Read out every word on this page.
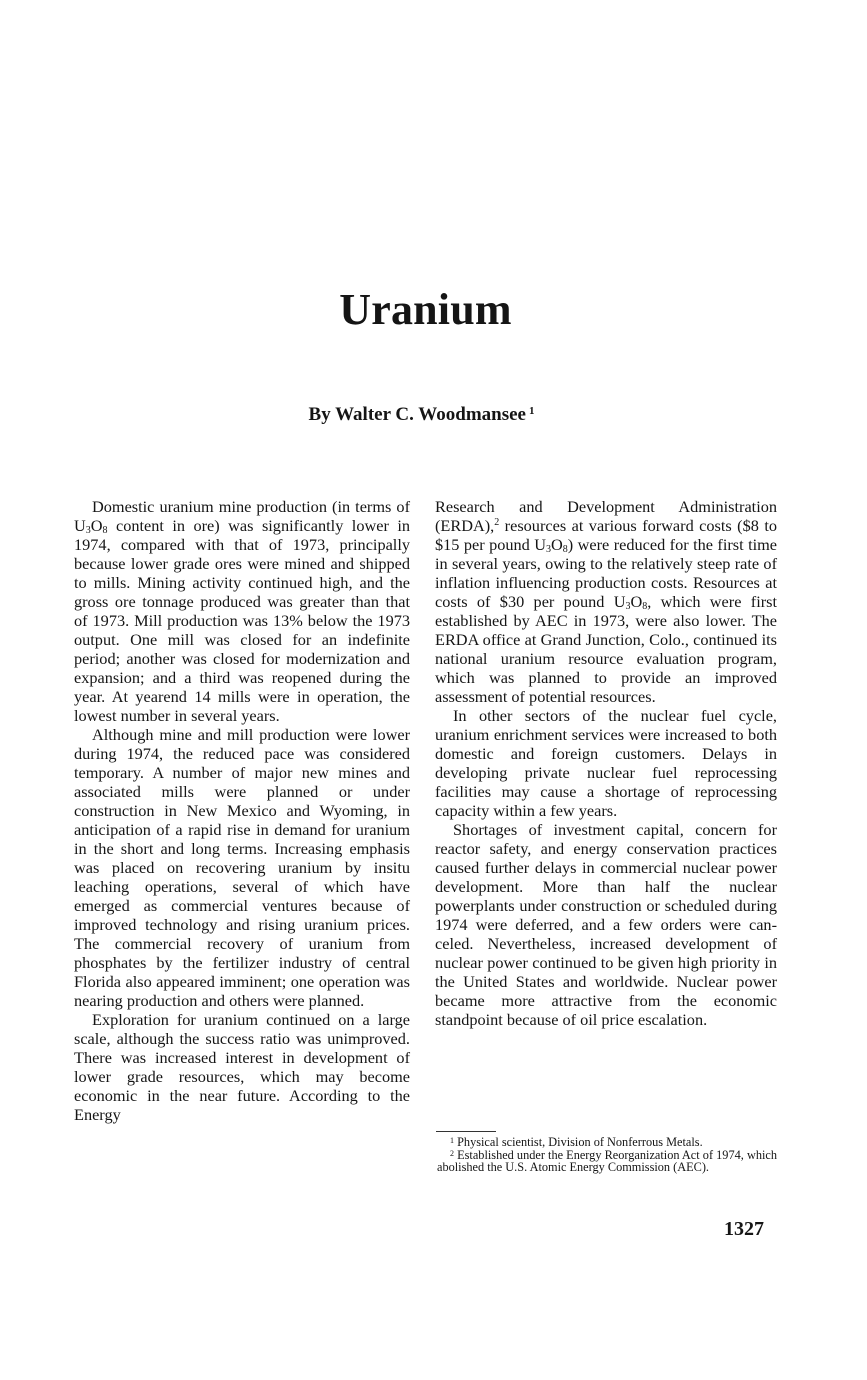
Uranium
By Walter C. Woodmansee $^1$

Domestic uranium mine production (in terms of $U_3O_8$ content in ore) was significantly lower in 1974, compared with that of 1973, principally because lower grade ores were mined and shipped to mills. Mining activity continued high, and the gross ore tonnage produced was greater than that of 1973. Mill production was 13% below the 1973 output. One mill was closed for an indefinite period; another was closed for modernization and expansion; and a third was reopened during the year. At yearend 14 mills were in operation, the lowest number in several years.

Although mine and mill production were lower during 1974, the reduced pace was considered temporary. A number of major new mines and associated mills were planned or under construction in New Mexico and Wyoming, in anticipation of a rapid rise in demand for uranium in the short and long terms. Increasing emphasis was placed on recovering uranium by insitu leaching operations, several of which have emerged as commercial ventures because of improved technology and rising uranium prices. The commercial recovery of uranium from phosphates by the fertilizer industry of central Florida also appeared imminent; one operation was nearing production and others were planned.

Exploration for uranium continued on a large scale, although the success ratio was unimproved. There was increased interest in development of lower grade resources, which may become economic in the near future. According to the Energy

Research and Development Administration (ERDA),$^2$ resources at various forward costs ($8 to $15 per pound $U_3O_8$) were reduced for the first time in several years, owing to the relatively steep rate of inflation influencing production costs. Resources at costs of $30 per pound $U_3O_8$, which were first established by AEC in 1973, were also lower. The ERDA office at Grand Junction, Colo., continued its national uranium resource evaluation program, which was planned to provide an improved assessment of potential resources.

In other sectors of the nuclear fuel cycle, uranium enrichment services were increased to both domestic and foreign customers. Delays in developing private nuclear fuel reprocessing facilities may cause a shortage of reprocessing capacity within a few years.

Shortages of investment capital, concern for reactor safety, and energy conservation practices caused further delays in commercial nuclear power development. More than half the nuclear powerplants under construction or scheduled during 1974 were deferred, and a few orders were canceled. Nevertheless, increased development of nuclear power continued to be given high priority in the United States and worldwide. Nuclear power became more attractive from the economic standpoint because of oil price escalation.

$^1$ Physical scientist, Division of Nonferrous Metals.

$^2$ Established under the Energy Reorganization Act of 1974, which abolished the U.S. Atomic Energy Commission (AEC).

1327
